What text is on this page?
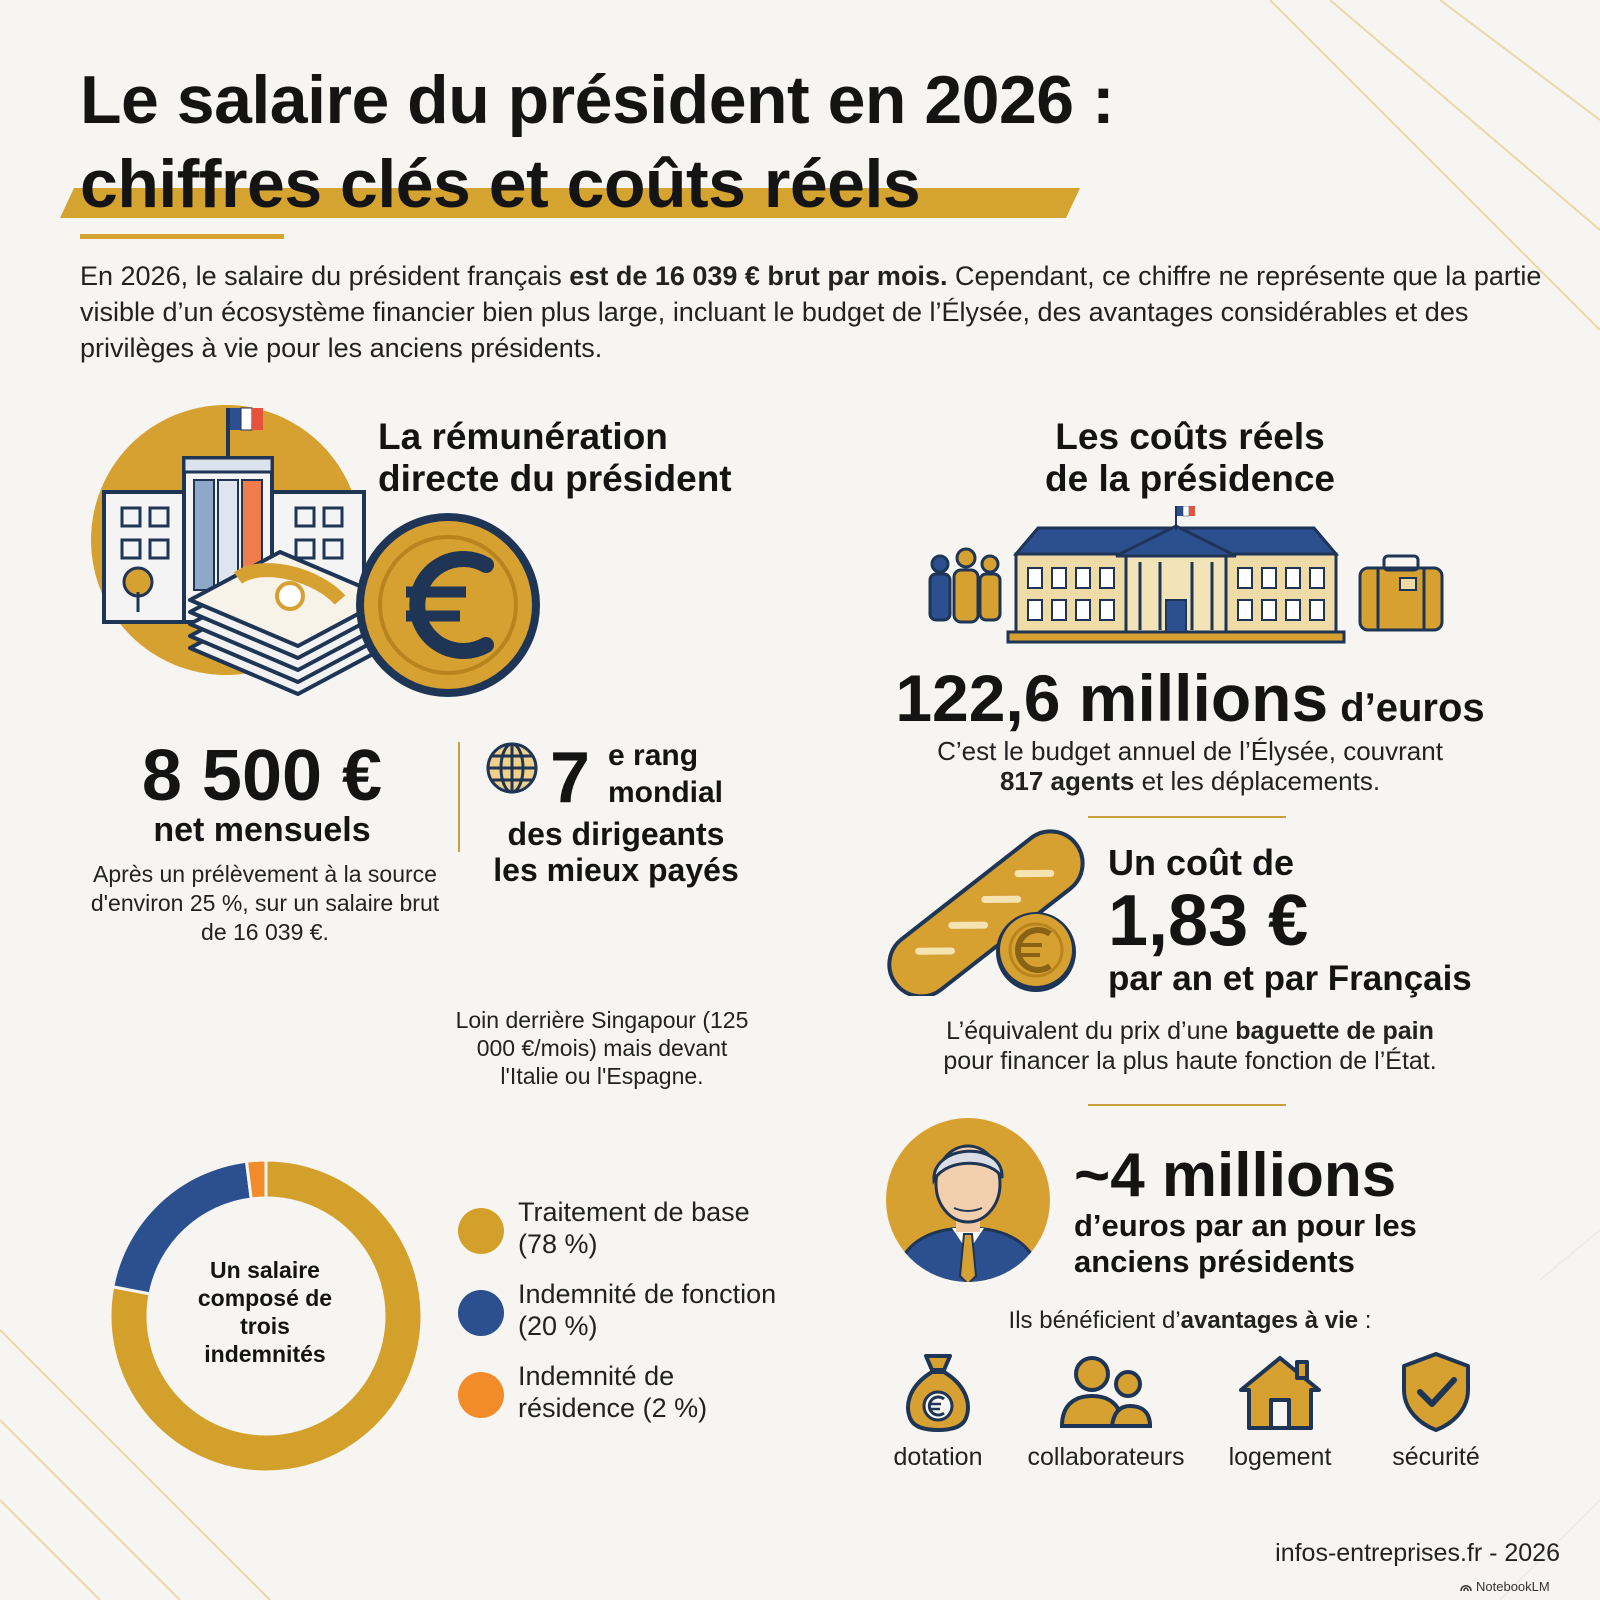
Le salaire du président en 2026 :
chiffres clés et coûts réels

En 2026, le salaire du président français est de 16 039 € brut par mois. Cependant, ce chiffre ne représente que la partie visible d’un écosystème financier bien plus large, incluant le budget de l’Élysée, des avantages considérables et des privilèges à vie pour les anciens présidents.

La rémunération
directe du président
8 500 €
net mensuels
Après un prélèvement à la source d'environ 25 %, sur un salaire brut de 16 039 €.
7 e rang
mondial
des dirigeants
les mieux payés
Loin derrière Singapour (125 000 €/mois) mais devant l'Italie ou l'Espagne.
Un salaire composé de trois indemnités
Traitement de base (78 %)
Indemnité de fonction (20 %)
Indemnité de résidence (2 %)
Les coûts réels
de la présidence
122,6 millions d’euros
C’est le budget annuel de l’Élysée, couvrant
817 agents et les déplacements.
Un coût de
1,83 €
par an et par Français
L’équivalent du prix d’une baguette de pain
pour financer la plus haute fonction de l’État.
~4 millions
d’euros par an pour les
anciens présidents
Ils bénéficient d’avantages à vie :
dotation	collaborateurs	logement	sécurité
infos-entreprises.fr - 2026
NotebookLM
